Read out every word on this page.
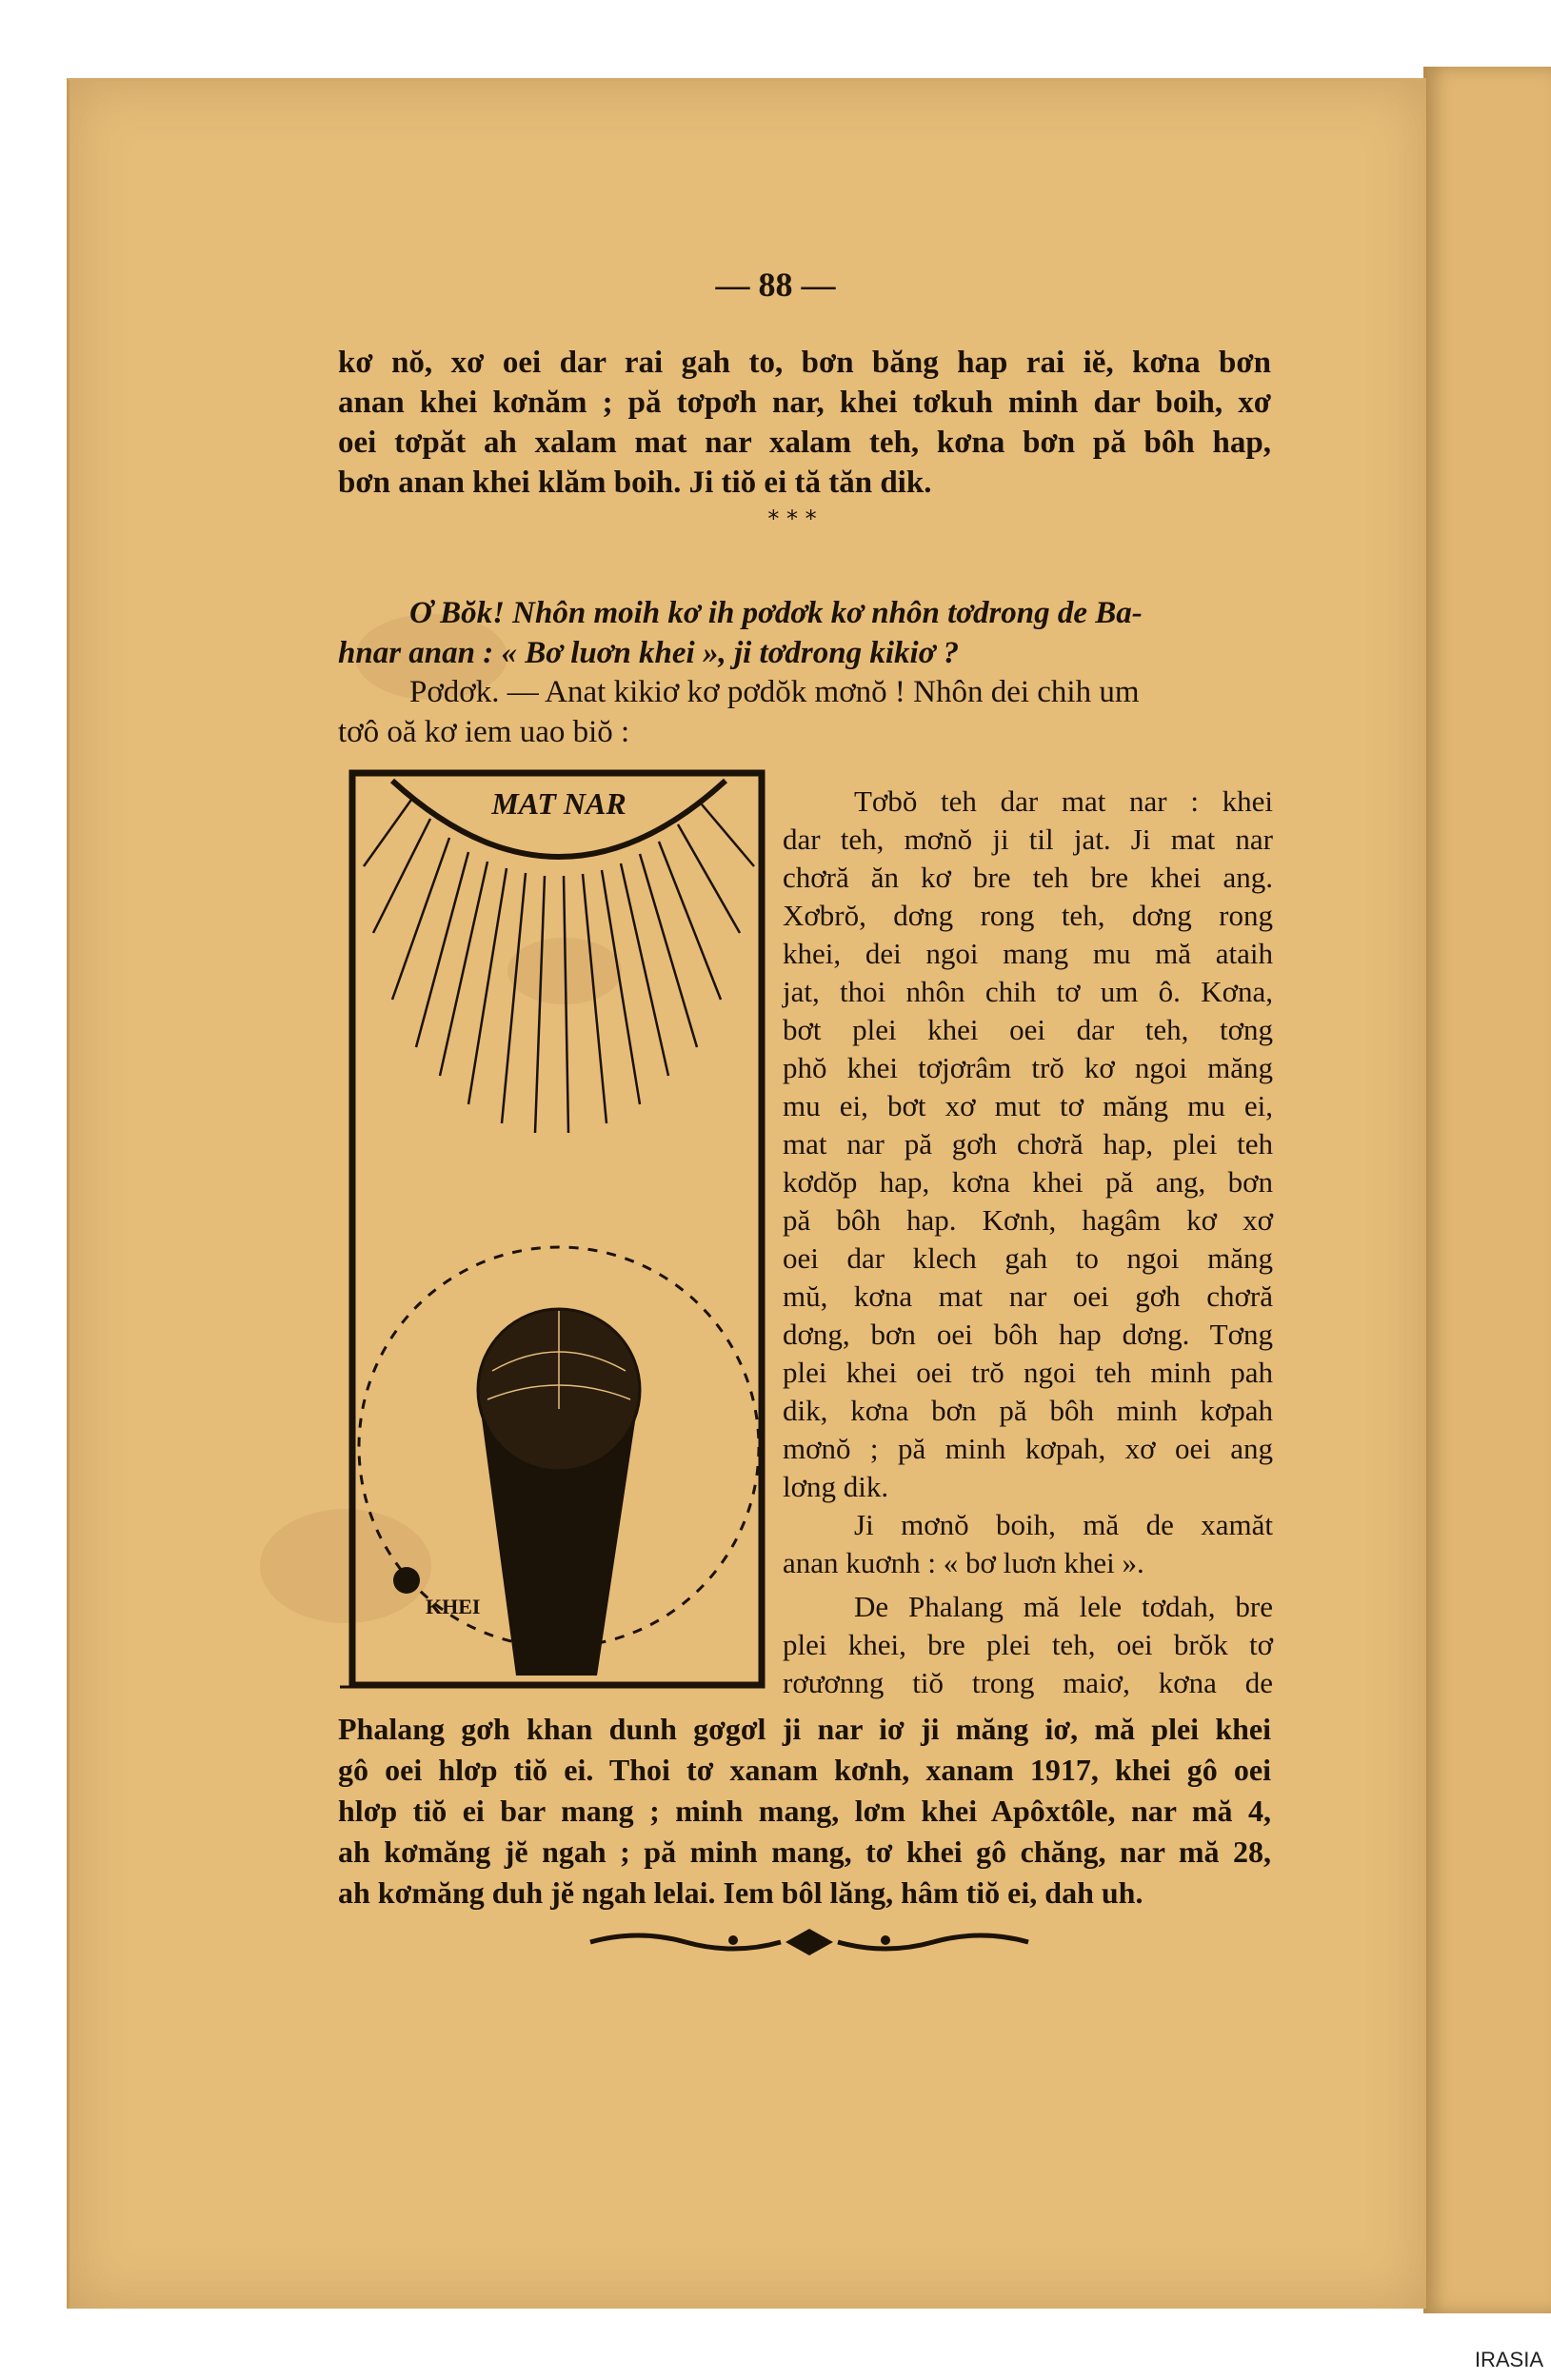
— 88 —
kơ nŏ, xơ oei dar rai gah to, bơn băng hap rai iĕ, kơna bơn
anan khei kơnăm ; pă tơpơh nar, khei tơkuh minh dar boih, xơ
oei tơpăt ah xalam mat nar xalam teh, kơna bơn pă bôh hap,
bơn anan khei klăm boih. Ji tiŏ ei tă tăn dik.
* * *
Ơ Bŏk! Nhôn moih kơ ih pơdơk kơ nhôn tơdrong de Ba-
hnar anan : « Bơ luơn khei », ji tơdrong kikiơ ?
Pơdơk. — Anat kikiơ kơ pơdŏk mơnŏ ! Nhôn dei chih um
tơô oă kơ iem uao biŏ :
MAT NAR
KHEI
Tơbŏ teh dar mat nar : khei
dar teh, mơnŏ ji til jat. Ji mat nar
chơră ăn kơ bre teh bre khei ang.
Xơbrŏ, dơng rong teh, dơng rong
khei, dei ngoi mang mu mă ataih
jat, thoi nhôn chih tơ um ô. Kơna,
bơt plei khei oei dar teh, tơng
phŏ khei tơjơrâm trŏ kơ ngoi măng
mu ei, bơt xơ mut tơ măng mu ei,
mat nar pă gơh chơră hap, plei teh
kơdŏp hap, kơna khei pă ang, bơn
pă bôh hap. Kơnh, hagâm kơ xơ
oei dar klech gah to ngoi măng
mŭ, kơna mat nar oei gơh chơră
dơng, bơn oei bôh hap dơng. Tơng
plei khei oei trŏ ngoi teh minh pah
dik, kơna bơn pă bôh minh kơpah
mơnŏ ; pă minh kơpah, xơ oei ang
lơng dik.
Ji mơnŏ boih, mă de xamăt
anan kuơnh : « bơ luơn khei ».
De Phalang mă lele tơdah, bre
plei khei, bre plei teh, oei brŏk tơ
rơươnng tiŏ trong maiơ, kơna de
Phalang gơh khan dunh gơgơl ji nar iơ ji măng iơ, mă plei khei
gô oei hlơp tiŏ ei. Thoi tơ xanam kơnh, xanam 1917, khei gô oei
hlơp tiŏ ei bar mang ; minh mang, lơm khei Apôxtôle, nar mă 4,
ah kơmăng jĕ ngah ; pă minh mang, tơ khei gô chăng, nar mă 28,
ah kơmăng duh jĕ ngah lelai. Iem bôl lăng, hâm tiŏ ei, dah uh.
IRASIA
